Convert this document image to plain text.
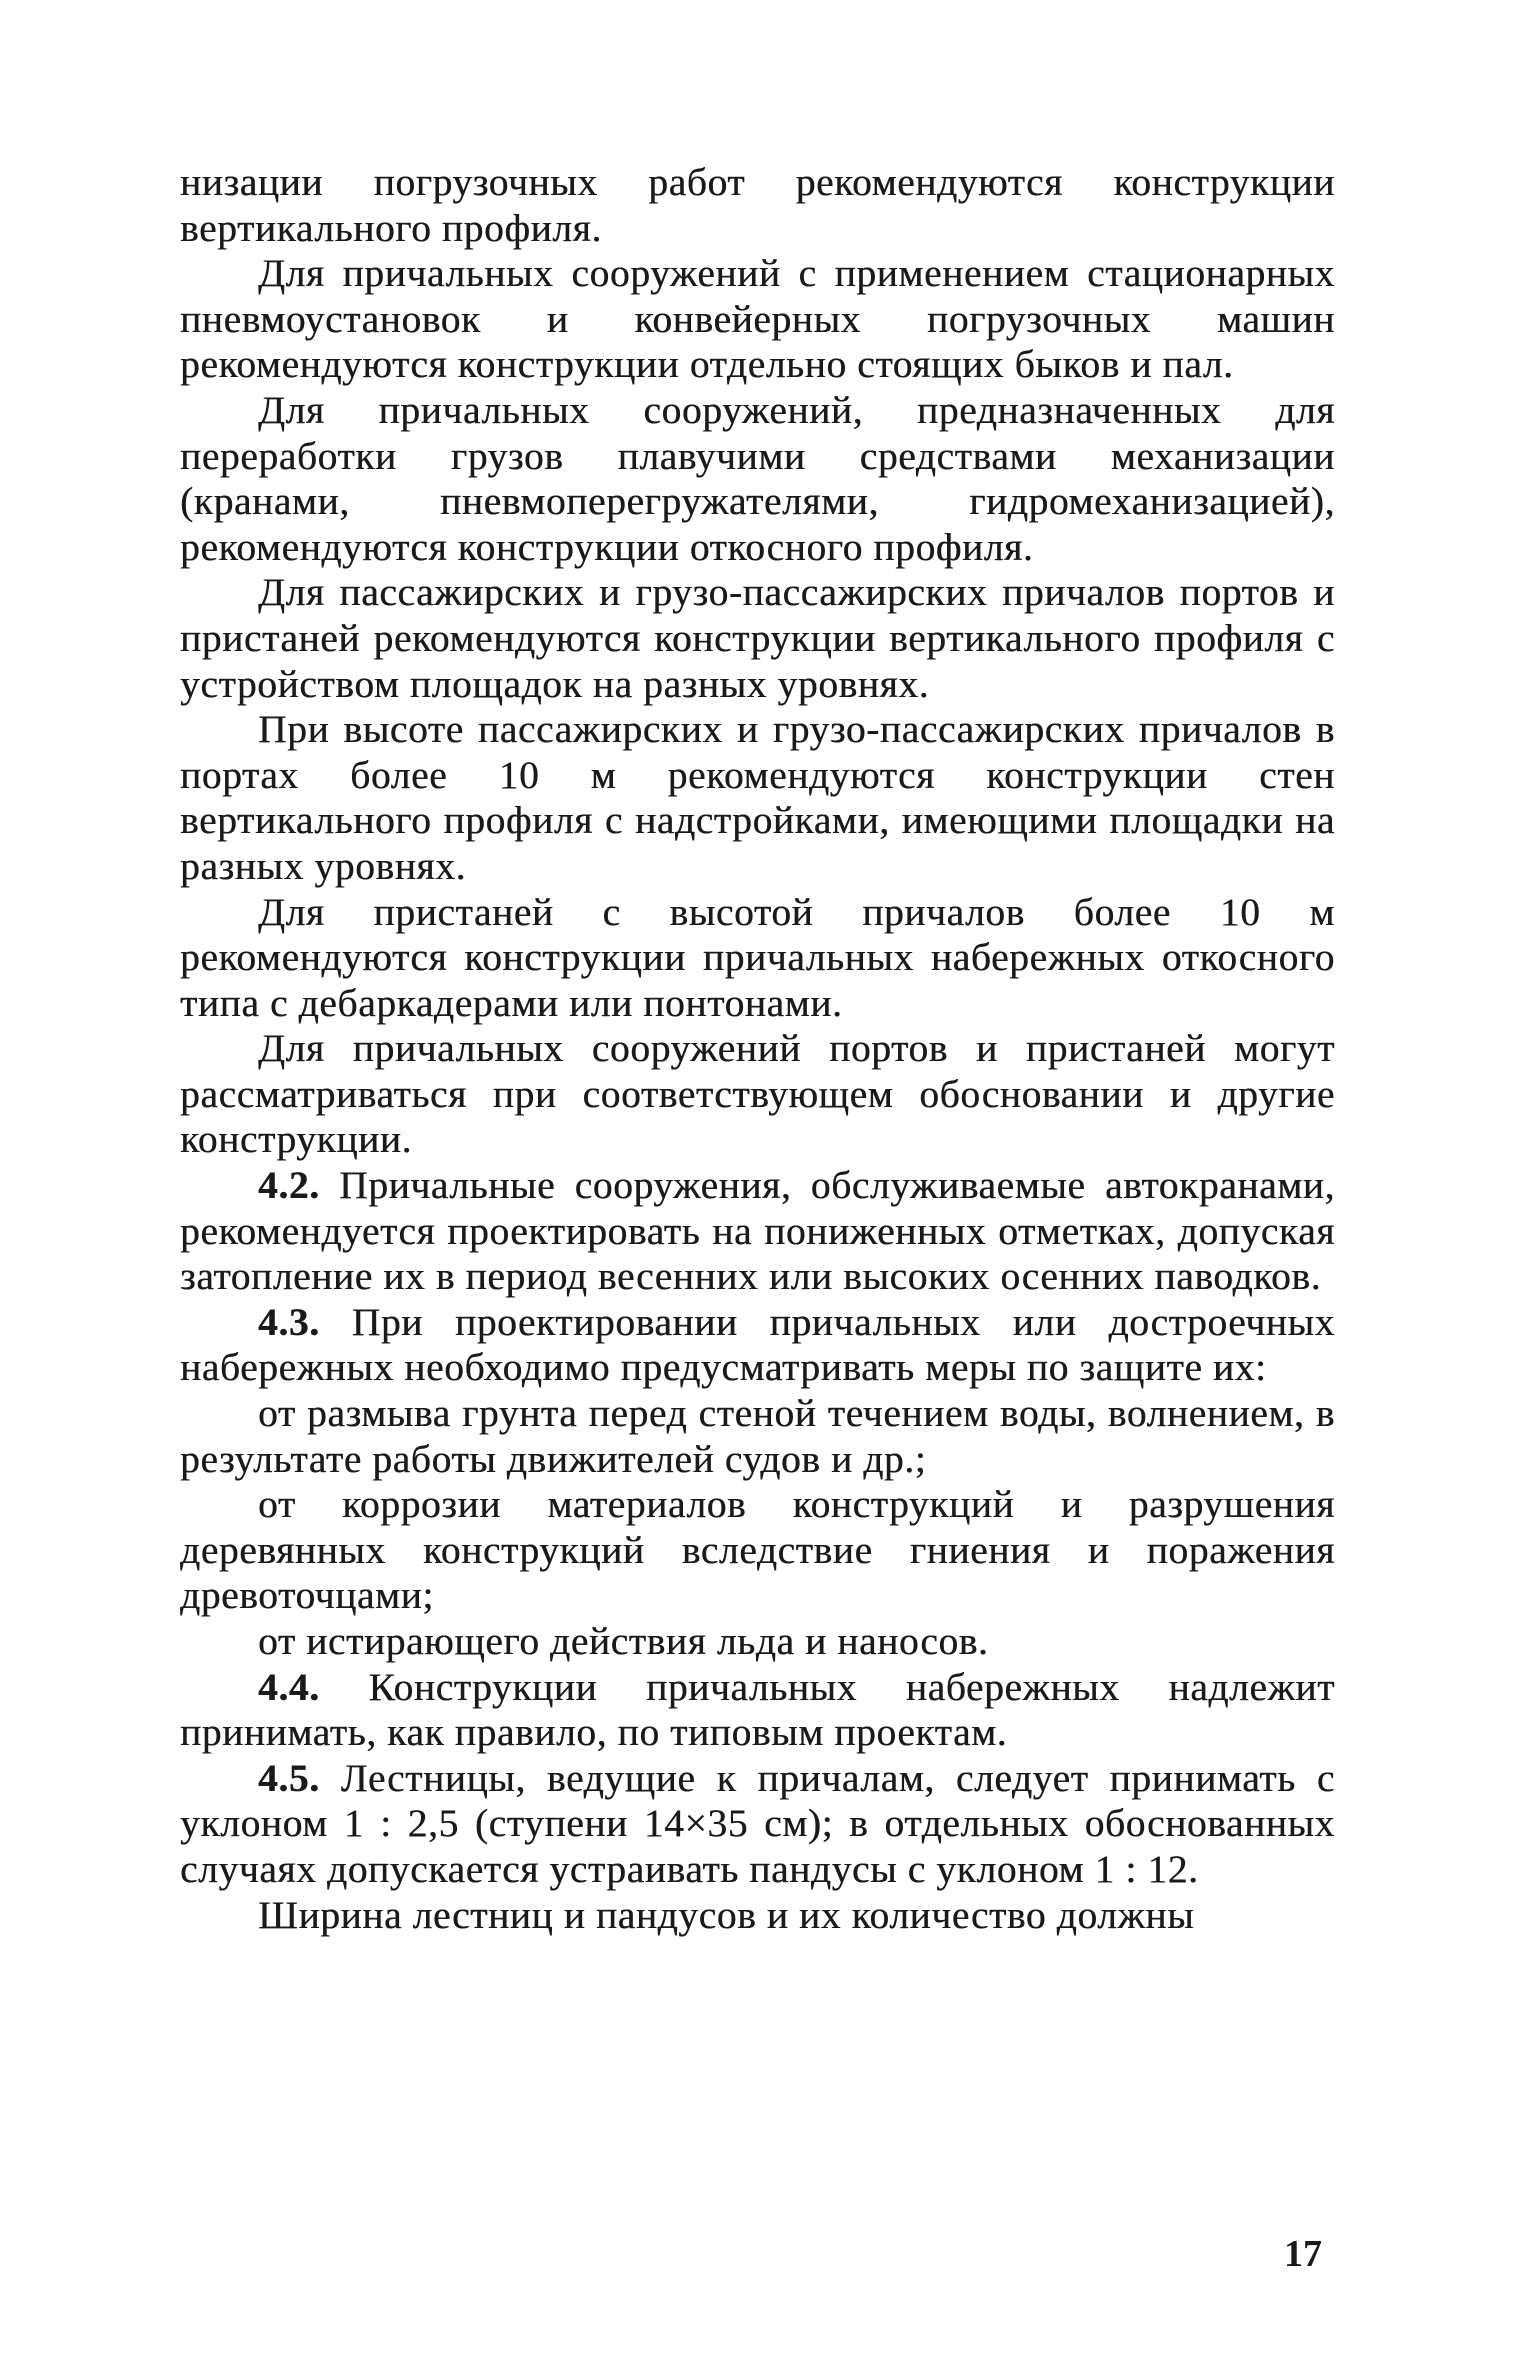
низации погрузочных работ рекомендуются конструкции вертикального профиля.

Для причальных сооружений с применением стационарных пневмоустановок и конвейерных погрузочных машин рекомендуются конструкции отдельно стоящих быков и пал.

Для причальных сооружений, предназначенных для переработки грузов плавучими средствами механизации (кранами, пневмоперегружателями, гидромеханизацией), рекомендуются конструкции откосного профиля.

Для пассажирских и грузо-пассажирских причалов портов и пристаней рекомендуются конструкции вертикального профиля с устройством площадок на разных уровнях.

При высоте пассажирских и грузо-пассажирских причалов в портах более 10 м рекомендуются конструкции стен вертикального профиля с надстройками, имеющими площадки на разных уровнях.

Для пристаней с высотой причалов более 10 м рекомендуются конструкции причальных набережных откосного типа с дебаркадерами или понтонами.

Для причальных сооружений портов и пристаней могут рассматриваться при соответствующем обосновании и другие конструкции.

4.2. Причальные сооружения, обслуживаемые автокранами, рекомендуется проектировать на пониженных отметках, допуская затопление их в период весенних или высоких осенних паводков.

4.3. При проектировании причальных или достроечных набережных необходимо предусматривать меры по защите их:

от размыва грунта перед стеной течением воды, волнением, в результате работы движителей судов и др.;

от коррозии материалов конструкций и разрушения деревянных конструкций вследствие гниения и поражения древоточцами;

от истирающего действия льда и наносов.

4.4. Конструкции причальных набережных надлежит принимать, как правило, по типовым проектам.

4.5. Лестницы, ведущие к причалам, следует принимать с уклоном 1 : 2,5 (ступени 14×35 см); в отдельных обоснованных случаях допускается устраивать пандусы с уклоном 1 : 12.

Ширина лестниц и пандусов и их количество должны

17
